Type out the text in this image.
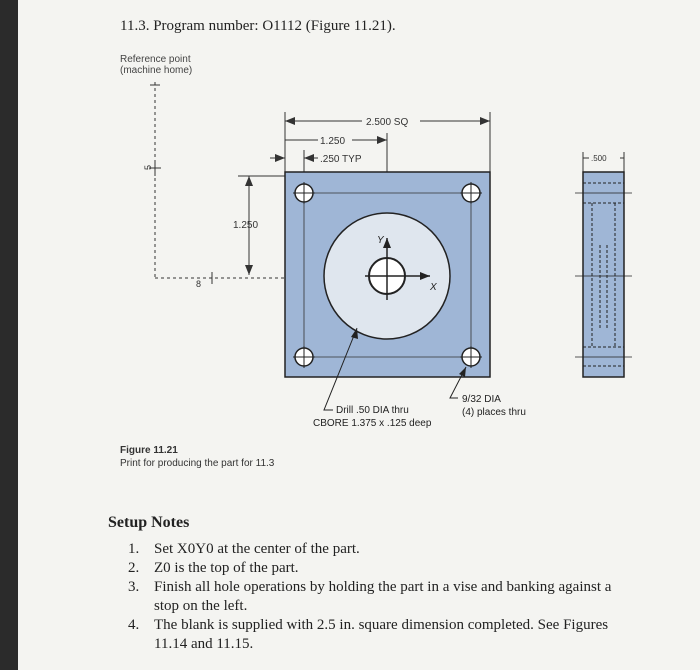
11.3. Program number: O1112 (Figure 11.21).
Reference point
(machine home)
5
8
1.250
2.500 SQ
1.250
.250 TYP
Y
X
Drill .50 DIA thru
CBORE 1.375 x .125 deep
9/32 DIA
(4) places thru
.500
Figure 11.21
Print for producing the part for 11.3
Setup Notes
1. Set X0Y0 at the center of the part.
2. Z0 is the top of the part.
3. Finish all hole operations by holding the part in a vise and banking against a stop on the left.
4. The blank is supplied with 2.5 in. square dimension completed. See Figures 11.14 and 11.15.
